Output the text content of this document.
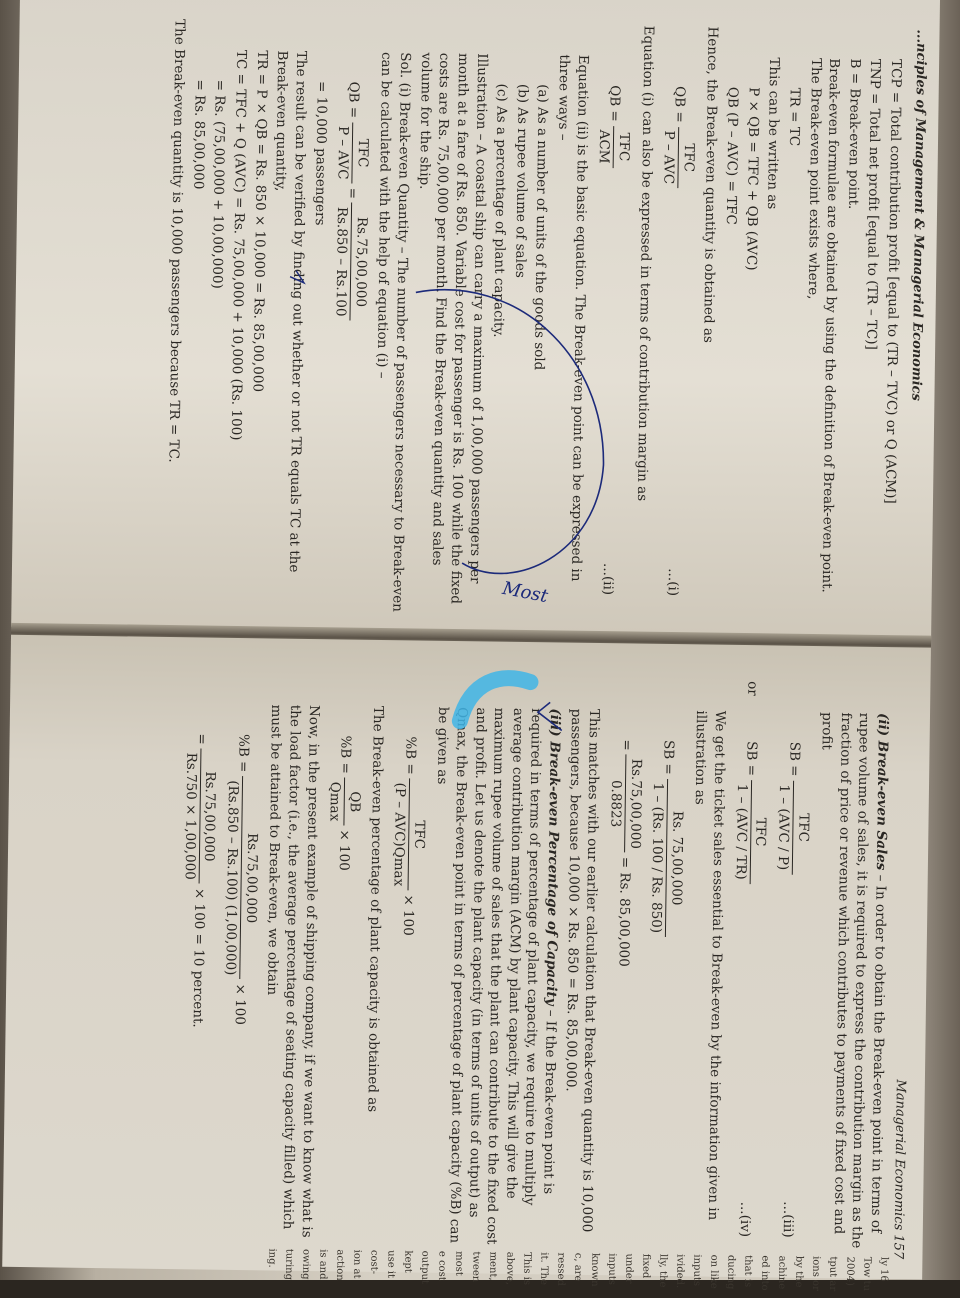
...nciples of Management & Managerial Economics

TCP = Total contribution profit [equal to (TR – TVC) or Q (ACM)]

TNP = Total net profit [equal to (TR – TC)]

B = Break-even point.

Break-even formulae are obtained by using the definition of Break-even point. The Break-even point exists where,

TR = TC

This can be written as

P × QB = TFC + QB (AVC)

QB (P – AVC) = TFC

Hence, the Break-even quantity is obtained as

QB =
TFC
P – AVC
...(i)

Equation (i) can also be expressed in terms of contribution margin as

QB =
TFC
ACM
...(ii)

Equation (ii) is the basic equation. The Break-even point can be expressed in three ways –

(a) As a number of units of the goods sold

(b) As rupee volume of sales

(c) As a percentage of plant capacity.

Illustration – A coastal ship can carry a maximum of 1,00,000 passengers per month at a fare of Rs. 850. Variable cost for passenger is Rs. 100 while the fixed costs are Rs. 75,00,000 per month. Find the Break-even quantity and sales volume for the ship.

Sol. (i) Break-even Quantity – The number of passengers necessary to Break-even can be calculated with the help of equation (i) –

QB =
TFC
P – AVC
=
Rs.75,00,000
Rs.850 – Rs.100

= 10,000 passengers

The result can be verified by finding out whether or not TR equals TC at the Break-even quantity,

TR = P × QB = Rs. 850 × 10,000 = Rs. 85,00,000

TC = TFC + Q (AVC) = Rs. 75,00,000 + 10,000 (Rs. 100)

= Rs. (75,00,000 + 10,00,000)

= Rs. 85,00,000

The Break-even quantity is 10,000 passengers because TR = TC.

Most
Managerial Economics 157

(ii) Break-even Sales – In order to obtain the Break-even point in terms of rupee volume of sales, it is required to express the contribution margin as the fraction of price or revenue which contributes to payments of fixed cost and profit

SB =
TFC
1 – (AVC / P)
...(iii)
or
SB =
TFC
1 – (AVC / TR)
...(iv)

We get the ticket sales essential to Break-even by the information given in illustration as

SB =
Rs. 75,00,000
1 – (Rs. 100 / Rs. 850)
=
Rs.75,00,000
0.8823
= Rs. 85,00,000

This matches with our earlier calculation that Break-even quantity is 10,000 passengers, because 10,000 × Rs. 850 = Rs. 85,00,000.

(iii) Break-even Percentage of Capacity – If the Break-even point is required in terms of percentage of plant capacity, we require to multiply average contribution margin (ACM) by plant capacity. This will give the maximum rupee volume of sales that the plant can contribute to the fixed cost and profit. Let us denote the plant capacity (in terms of units of output) as Qmax, the Break-even point in terms of percentage of plant capacity (%B) can be given as

%B =
TFC
(P – AVC)Qmax
× 100

The Break-even percentage of plant capacity is obtained as

%B =
QB
Qmax
× 100

Now, in the present example of shipping company, if we want to know what is the load factor (i.e., the average percentage of seating capacity filled) which must be attained to Break-even, we obtain

%B =
Rs.75,00,000
(Rs.850 – Rs.100) (1,00,000)
× 100
=
Rs.75,00,000
Rs.750 × 1,00,000
× 100 = 10 percent.
ly 16
Tow tu
2004)
tput ar
ions or
by the
achine
ed into
that is
ducing
on like
inputs
ivided.
lly, the
fixed
under
inputs
known
c, are
ressed
it. The
This is
above,
ment,
tween
most
e cost
output
kept
use it
cost-
ion at
action
is and
owing
turing
ing.
